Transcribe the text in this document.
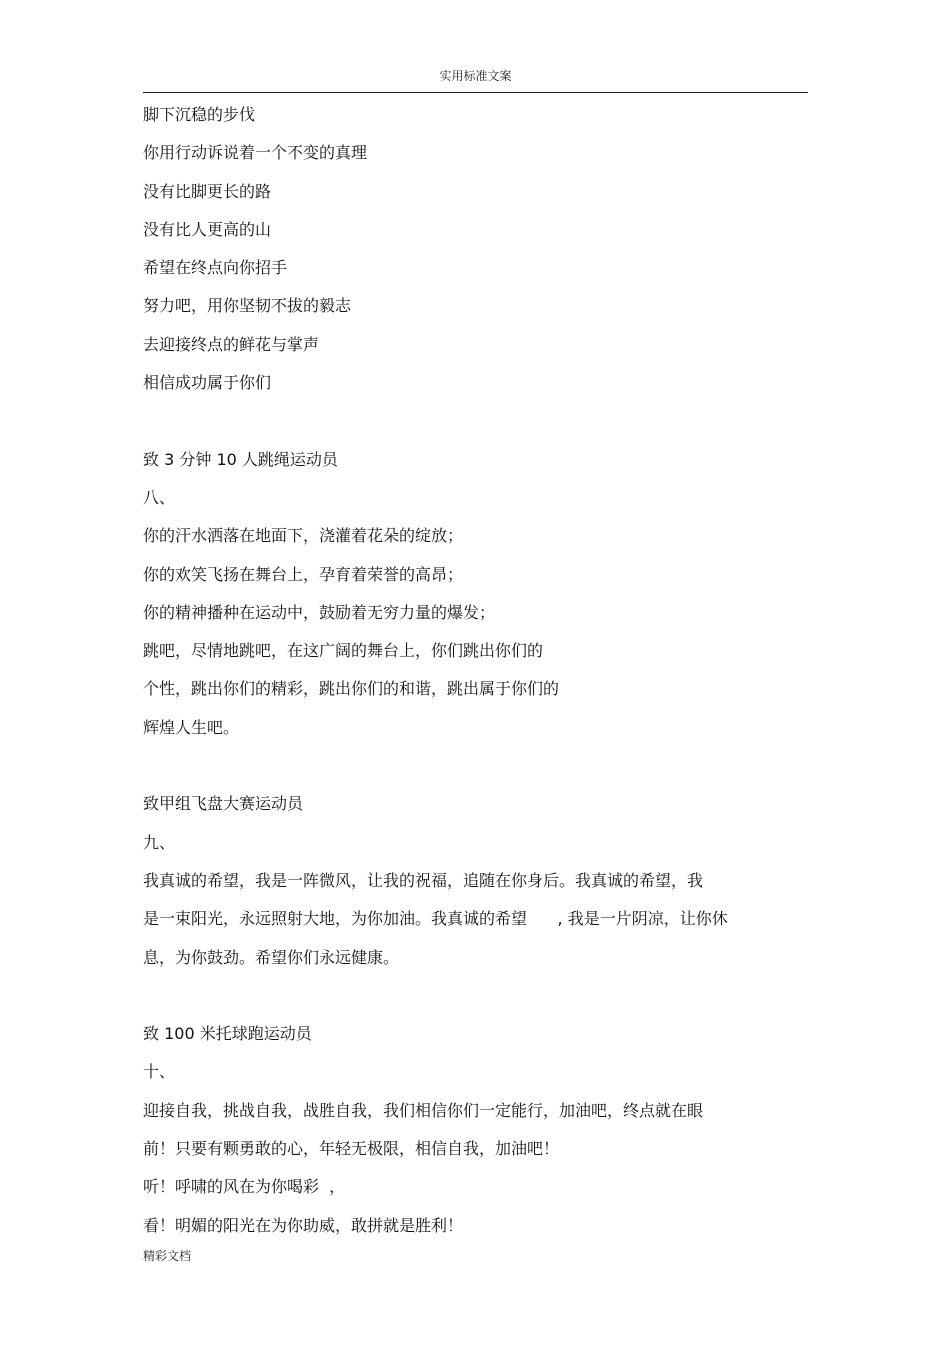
实用标准文案
脚下沉稳的步伐
你用行动诉说着一个不变的真理
没有比脚更长的路
没有比人更高的山
希望在终点向你招手
努力吧，用你坚韧不拔的毅志
去迎接终点的鲜花与掌声
相信成功属于你们
致 3 分钟 10 人跳绳运动员
八、
你的汗水洒落在地面下，浇灌着花朵的绽放；
你的欢笑飞扬在舞台上，孕育着荣誉的高昂；
你的精神播种在运动中，鼓励着无穷力量的爆发；
跳吧，尽情地跳吧，在这广阔的舞台上，你们跳出你们的
个性，跳出你们的精彩，跳出你们的和谐，跳出属于你们的
辉煌人生吧。
致甲组飞盘大赛运动员
九、
我真诚的希望，我是一阵微风，让我的祝福，追随在你身后。我真诚的希望，我
是一束阳光，永远照射大地，为你加油。我真诚的希望      , 我是一片阴凉，让你休
息，为你鼓劲。希望你们永远健康。
致 100 米托球跑运动员
十、
迎接自我，挑战自我，战胜自我，我们相信你们一定能行，加油吧，终点就在眼
前！只要有颗勇敢的心，年轻无极限，相信自我，加油吧！
听！呼啸的风在为你喝彩  ，
看！明媚的阳光在为你助威，敢拼就是胜利！
精彩文档
